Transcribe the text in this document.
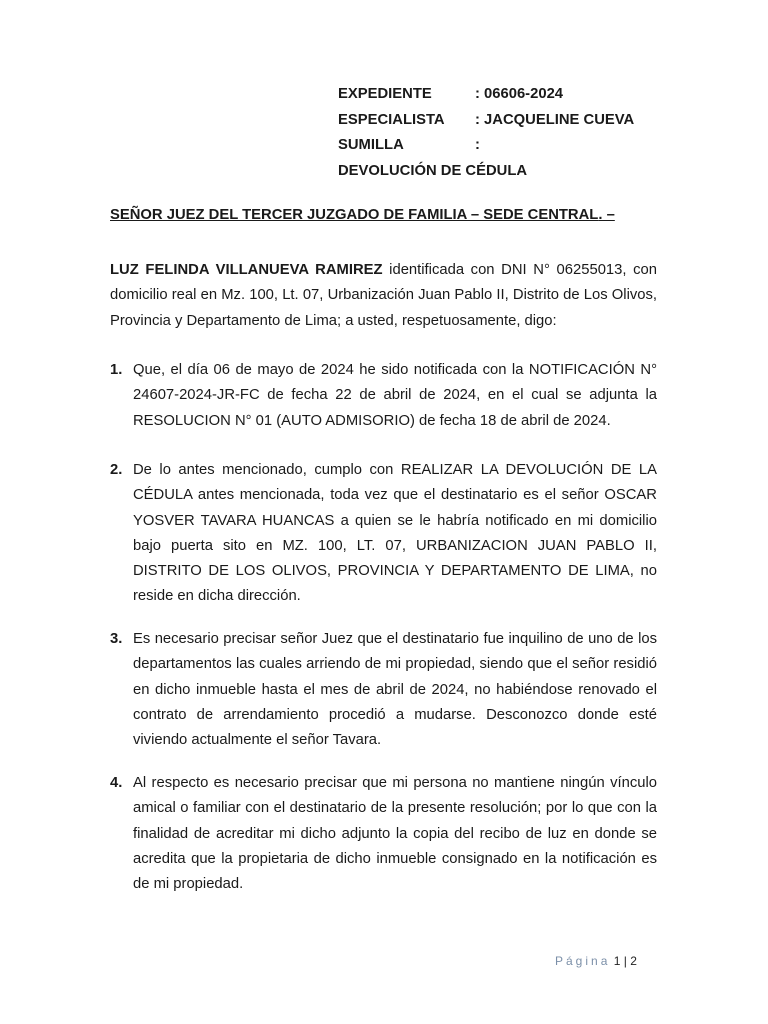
EXPEDIENTE	: 06606-2024
ESPECIALISTA	: JACQUELINE CUEVA
SUMILLA	:
DEVOLUCIÓN DE CÉDULA
SEÑOR JUEZ DEL TERCER JUZGADO DE FAMILIA – SEDE CENTRAL. –
LUZ FELINDA VILLANUEVA RAMIREZ identificada con DNI N° 06255013, con domicilio real en Mz. 100, Lt. 07, Urbanización Juan Pablo II, Distrito de Los Olivos, Provincia y Departamento de Lima; a usted, respetuosamente, digo:
1. Que, el día 06 de mayo de 2024 he sido notificada con la NOTIFICACIÓN N° 24607-2024-JR-FC de fecha 22 de abril de 2024, en el cual se adjunta la RESOLUCION N° 01 (AUTO ADMISORIO) de fecha 18 de abril de 2024.
2. De lo antes mencionado, cumplo con REALIZAR LA DEVOLUCIÓN DE LA CÉDULA antes mencionada, toda vez que el destinatario es el señor OSCAR YOSVER TAVARA HUANCAS a quien se le habría notificado en mi domicilio bajo puerta sito en MZ. 100, LT. 07, URBANIZACION JUAN PABLO II, DISTRITO DE LOS OLIVOS, PROVINCIA Y DEPARTAMENTO DE LIMA, no reside en dicha dirección.
3. Es necesario precisar señor Juez que el destinatario fue inquilino de uno de los departamentos las cuales arriendo de mi propiedad, siendo que el señor residió en dicho inmueble hasta el mes de abril de 2024, no habiéndose renovado el contrato de arrendamiento procedió a mudarse. Desconozco donde esté viviendo actualmente el señor Tavara.
4. Al respecto es necesario precisar que mi persona no mantiene ningún vínculo amical o familiar con el destinatario de la presente resolución; por lo que con la finalidad de acreditar mi dicho adjunto la copia del recibo de luz en donde se acredita que la propietaria de dicho inmueble consignado en la notificación es de mi propiedad.
Página 1 | 2
